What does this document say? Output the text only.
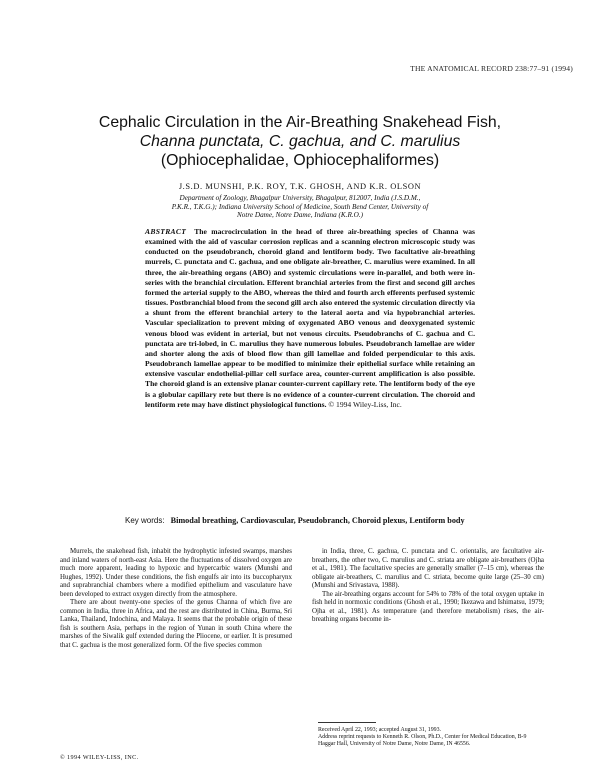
THE ANATOMICAL RECORD 238:77–91 (1994)
Cephalic Circulation in the Air-Breathing Snakehead Fish,
Channa punctata, C. gachua, and C. marulius
(Ophiocephalidae, Ophiocephaliformes)
J.S.D. MUNSHI, P.K. ROY, T.K. GHOSH, AND K.R. OLSON
Department of Zoology, Bhagalpur University, Bhagalpur, 812007, India (J.S.D.M.,
P.K.R., T.K.G.); Indiana University School of Medicine, South Bend Center, University of
Notre Dame, Notre Dame, Indiana (K.R.O.)
ABSTRACT The macrocirculation in the head of three air-breathing species of Channa was examined with the aid of vascular corrosion replicas and a scanning electron microscopic study was conducted on the pseudobranch, choroid gland and lentiform body. Two facultative air-breathing murrels, C. punctata and C. gachua, and one obligate air-breather, C. marulius were examined. In all three, the air-breathing organs (ABO) and systemic circulations were in-parallel, and both were in-series with the branchial circulation. Efferent branchial arteries from the first and second gill arches formed the arterial supply to the ABO, whereas the third and fourth arch efferents perfused systemic tissues. Postbranchial blood from the second gill arch also entered the systemic circulation directly via a shunt from the efferent branchial artery to the lateral aorta and via hypobranchial arteries. Vascular specialization to prevent mixing of oxygenated ABO venous and deoxygenated systemic venous blood was evident in arterial, but not venous circuits. Pseudobranchs of C. gachua and C. punctata are tri-lobed, in C. marulius they have numerous lobules. Pseudobranch lamellae are wider and shorter along the axis of blood flow than gill lamellae and folded perpendicular to this axis. Pseudobranch lamellae appear to be modified to minimize their epithelial surface while retaining an extensive vascular endothelial-pillar cell surface area, counter-current amplification is also possible. The choroid gland is an extensive planar counter-current capillary rete. The lentiform body of the eye is a globular capillary rete but there is no evidence of a counter-current circulation. The choroid and lentiform rete may have distinct physiological functions. © 1994 Wiley-Liss, Inc.
Key words: Bimodal breathing, Cardiovascular, Pseudobranch, Choroid plexus, Lentiform body

Murrels, the snakehead fish, inhabit the hydrophytic infested swamps, marshes and inland waters of north-east Asia. Here the fluctuations of dissolved oxygen are much more apparent, leading to hypoxic and hypercarbic waters (Munshi and Hughes, 1992). Under these conditions, the fish engulfs air into its buccopharynx and suprabranchial chambers where a modified epithelium and vasculature have been developed to extract oxygen directly from the atmosphere.

There are about twenty-one species of the genus Channa of which five are common in India, three in Africa, and the rest are distributed in China, Burma, Sri Lanka, Thailand, Indochina, and Malaya. It seems that the probable origin of these fish is southern Asia, perhaps in the region of Yunan in south China where the marshes of the Siwalik gulf extended during the Pliocene, or earlier. It is presumed that C. gachua is the most generalized form. Of the five species common

in India, three, C. gachua, C. punctata and C. orientalis, are facultative air-breathers, the other two, C. marulius and C. striata are obligate air-breathers (Ojha et al., 1981). The facultative species are generally smaller (7–15 cm), whereas the obligate air-breathers, C. marulius and C. striata, become quite large (25–30 cm) (Munshi and Srivastava, 1988).

The air-breathing organs account for 54% to 78% of the total oxygen uptake in fish held in normoxic conditions (Ghosh et al., 1990; Ikezawa and Ishimatsu, 1979; Ojha et al., 1981). As temperature (and therefore metabolism) rises, the air-breathing organs become in-

Received April 22, 1993; accepted August 31, 1993.

Address reprint requests to Kenneth R. Olson, Ph.D., Center for Medical Education, B-9 Haggar Hall, University of Notre Dame, Notre Dame, IN 46556.

© 1994 WILEY-LISS, INC.
